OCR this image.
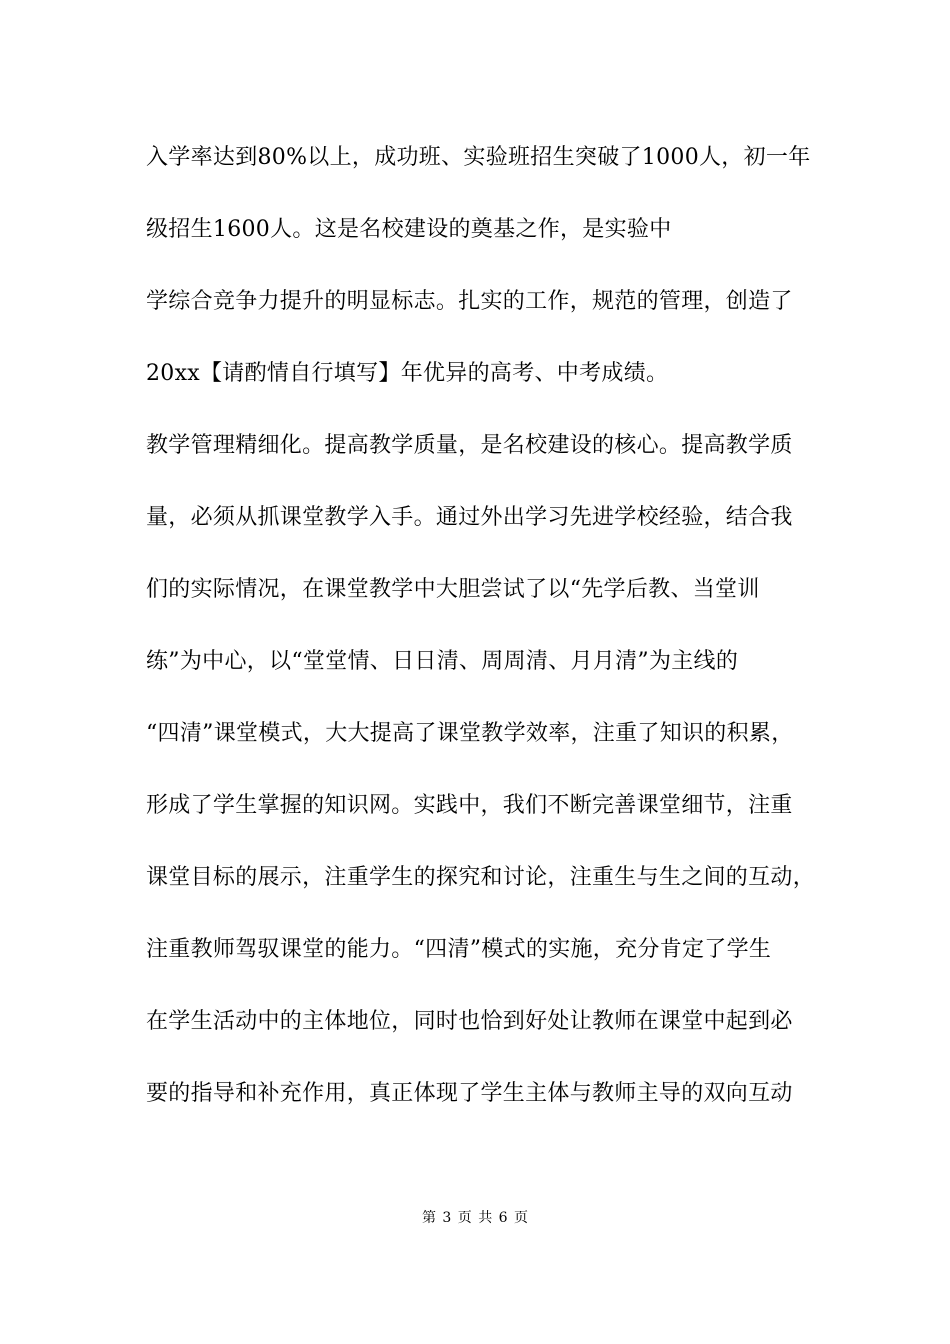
入学率达到80%以上，成功班、实验班招生突破了1000人，初一年
级招生1600人。这是名校建设的奠基之作，是实验中
学综合竞争力提升的明显标志。扎实的工作，规范的管理，创造了
20xx【请酌情自行填写】年优异的高考、中考成绩。
教学管理精细化。提高教学质量，是名校建设的核心。提高教学质
量，必须从抓课堂教学入手。通过外出学习先进学校经验，结合我
们的实际情况，在课堂教学中大胆尝试了以“先学后教、当堂训
练”为中心，以“堂堂情、日日清、周周清、月月清”为主线的
“四清”课堂模式，大大提高了课堂教学效率，注重了知识的积累，
形成了学生掌握的知识网。实践中，我们不断完善课堂细节，注重
课堂目标的展示，注重学生的探究和讨论，注重生与生之间的互动，
注重教师驾驭课堂的能力。“四清”模式的实施，充分肯定了学生
在学生活动中的主体地位，同时也恰到好处让教师在课堂中起到必
要的指导和补充作用，真正体现了学生主体与教师主导的双向互动
第 3 页 共 6 页
